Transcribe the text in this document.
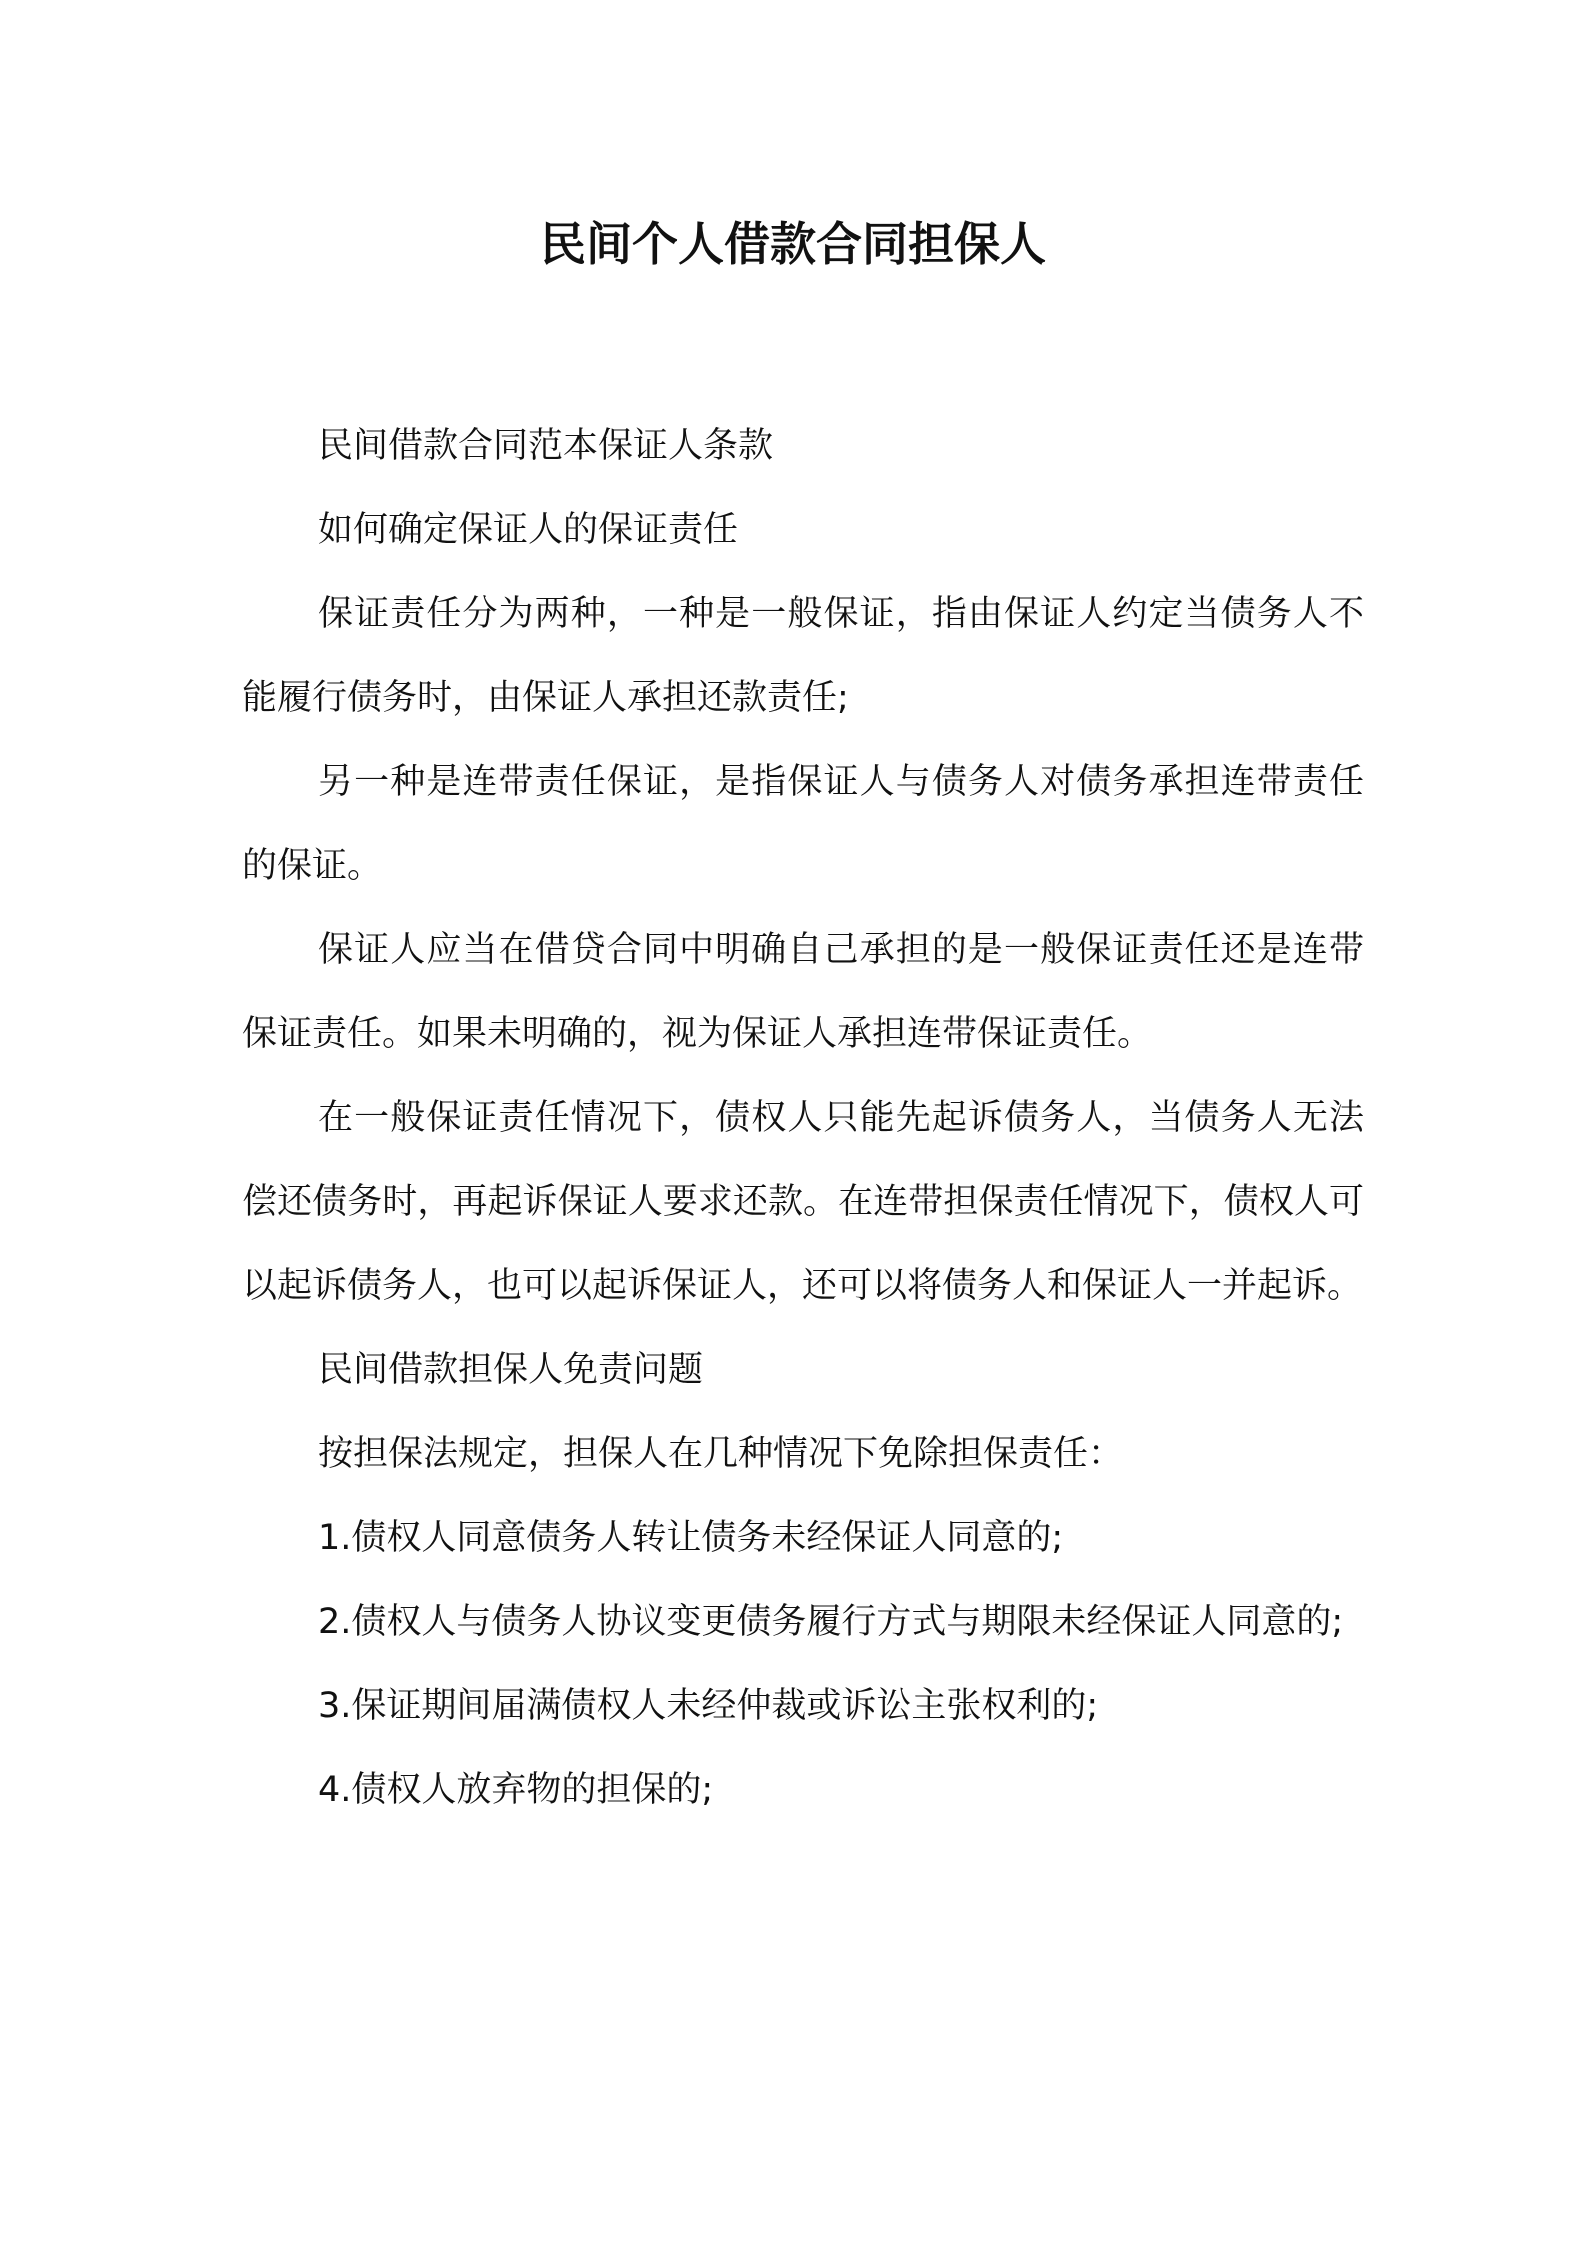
民间个人借款合同担保人

民间借款合同范本保证人条款

如何确定保证人的保证责任

保证责任分为两种，一种是一般保证，指由保证人约定当债务人不能履行债务时，由保证人承担还款责任;

另一种是连带责任保证，是指保证人与债务人对债务承担连带责任的保证。

保证人应当在借贷合同中明确自己承担的是一般保证责任还是连带保证责任。如果未明确的，视为保证人承担连带保证责任。

在一般保证责任情况下，债权人只能先起诉债务人，当债务人无法偿还债务时，再起诉保证人要求还款。在连带担保责任情况下，债权人可以起诉债务人，也可以起诉保证人，还可以将债务人和保证人一并起诉。

民间借款担保人免责问题

按担保法规定，担保人在几种情况下免除担保责任：

1.债权人同意债务人转让债务未经保证人同意的;

2.债权人与债务人协议变更债务履行方式与期限未经保证人同意的;

3.保证期间届满债权人未经仲裁或诉讼主张权利的;

4.债权人放弃物的担保的;
